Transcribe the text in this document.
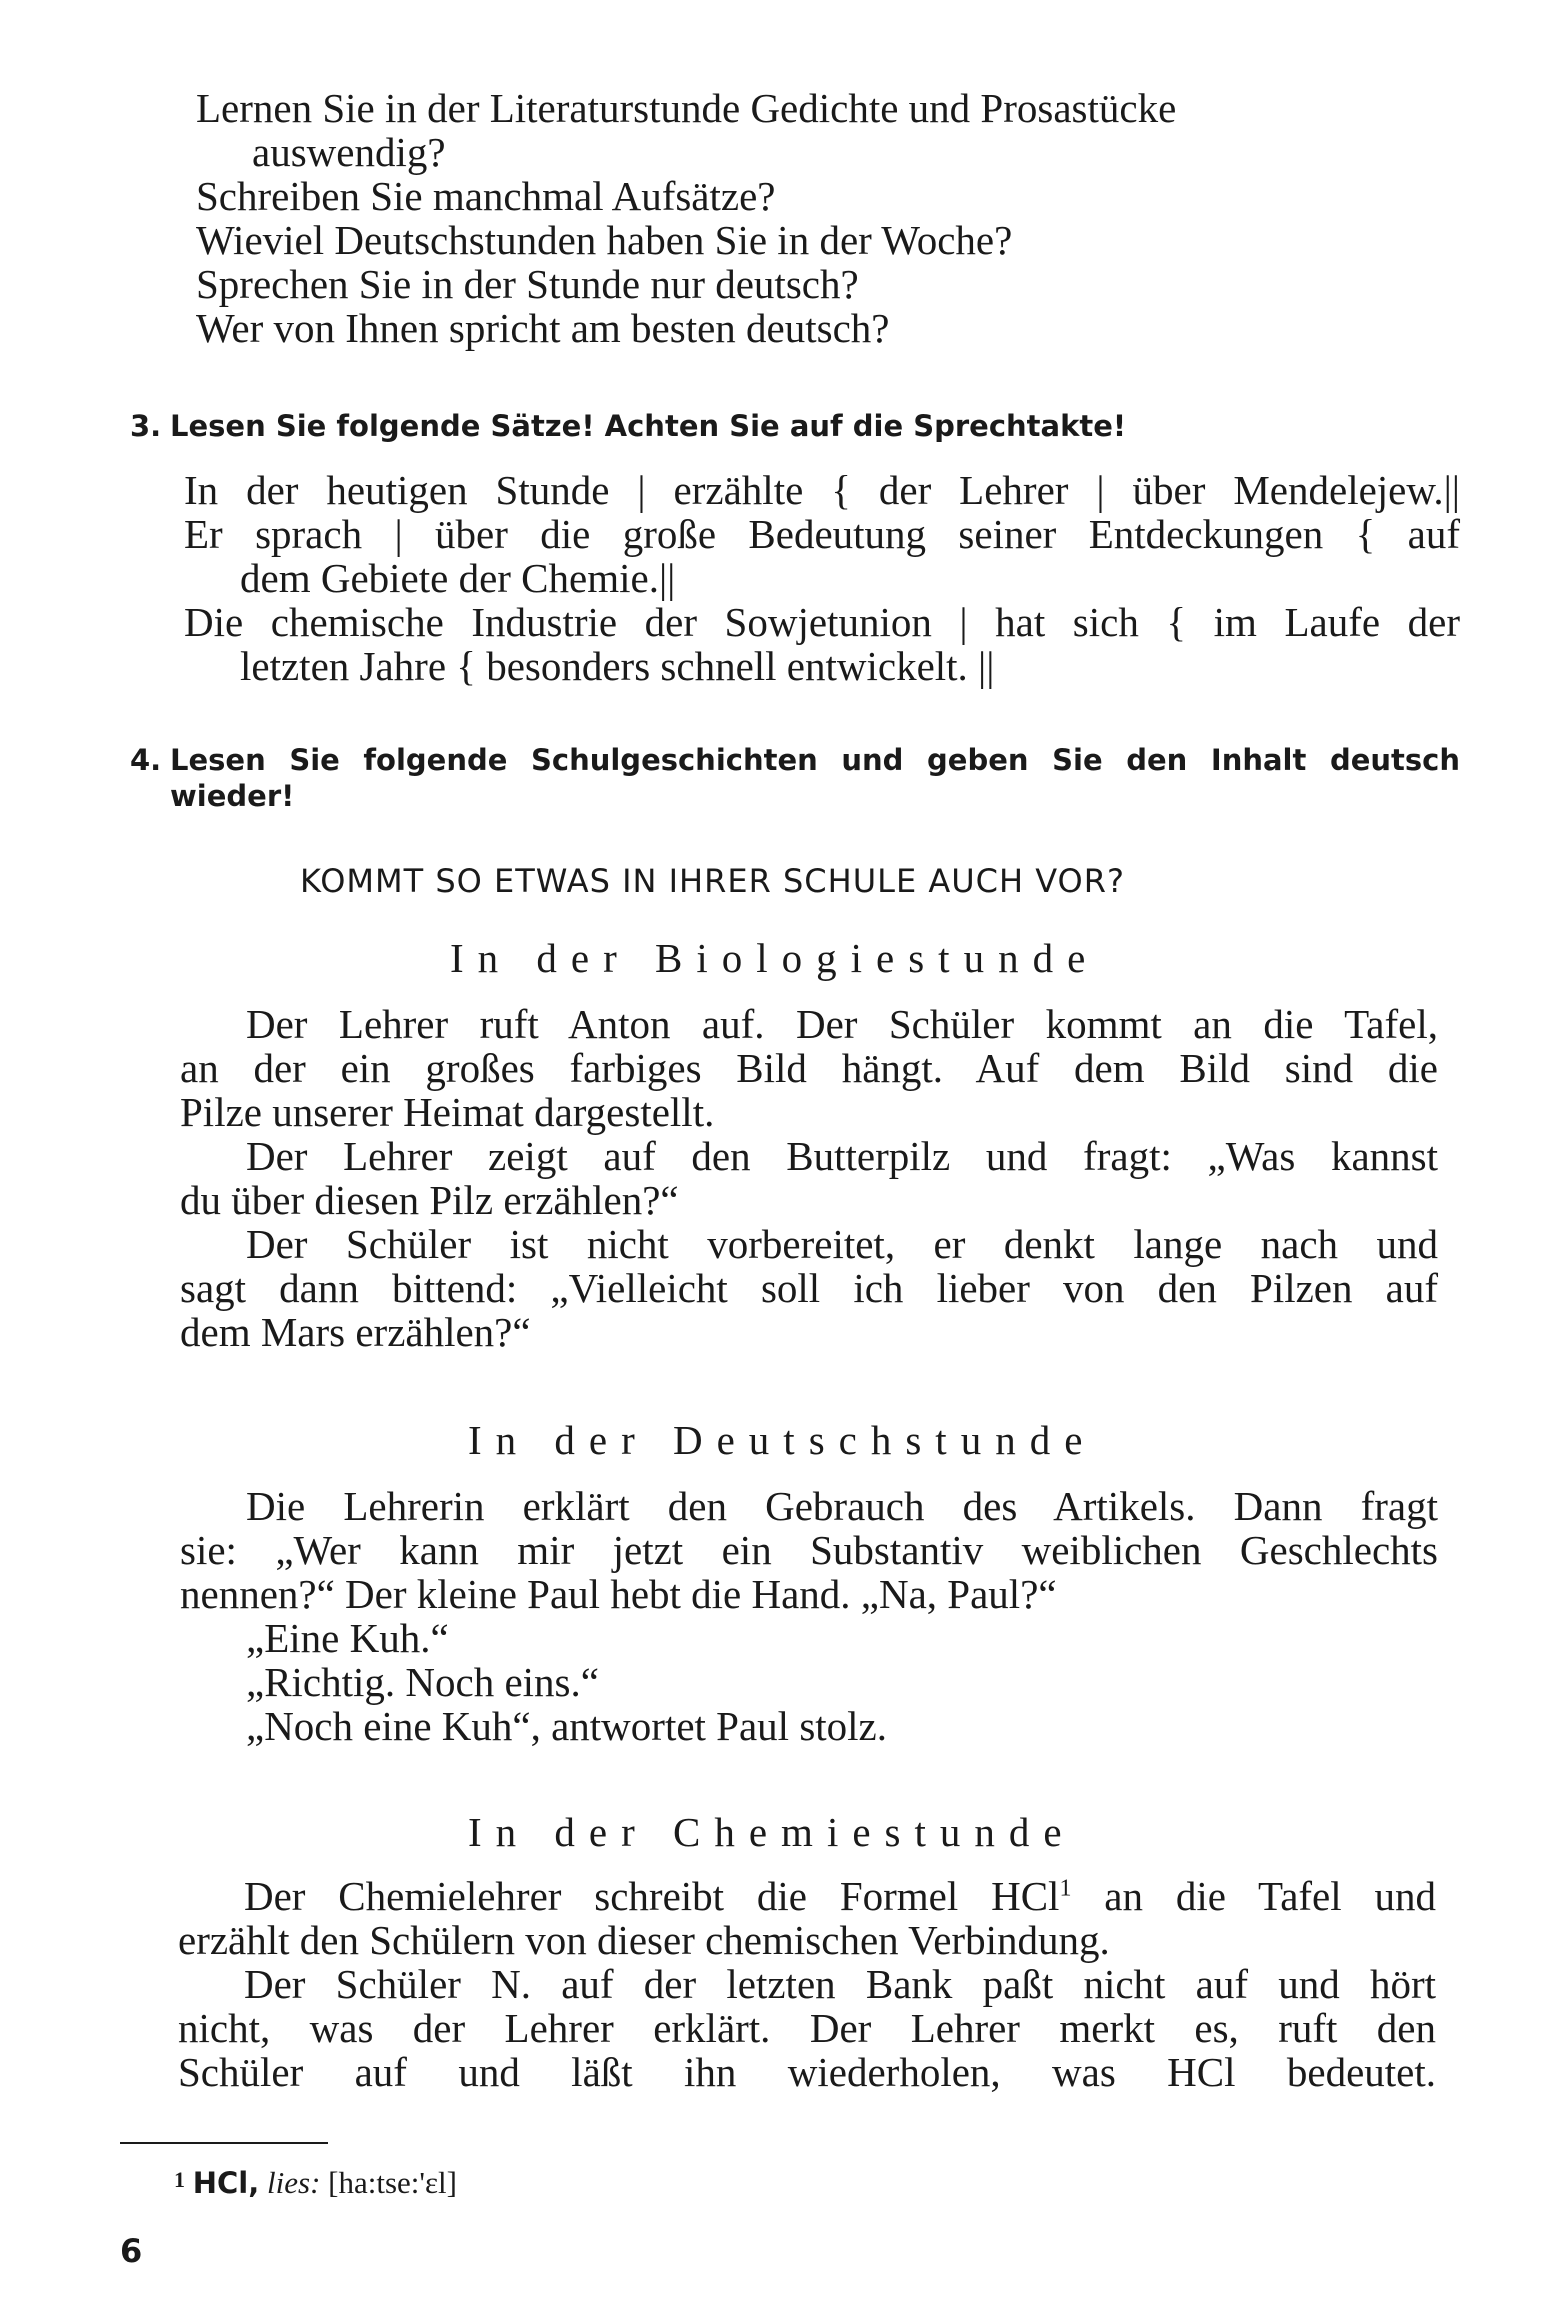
Lernen Sie in der Literaturstunde Gedichte und Prosastücke
auswendig?
Schreiben Sie manchmal Aufsätze?
Wieviel Deutschstunden haben Sie in der Woche?
Sprechen Sie in der Stunde nur deutsch?
Wer von Ihnen spricht am besten deutsch?
3. Lesen Sie folgende Sätze! Achten Sie auf die Sprechtakte!
In der heutigen Stunde | erzählte { der Lehrer | über Mendelejew.||
Er sprach | über die große Bedeutung seiner Entdeckungen { auf
dem Gebiete der Chemie.||
Die chemische Industrie der Sowjetunion | hat sich { im Laufe der
letzten Jahre { besonders schnell entwickelt. ||
4. Lesen Sie folgende Schulgeschichten und geben Sie den Inhalt deutsch
wieder!
KOMMT SO ETWAS IN IHRER SCHULE AUCH VOR?
In der Biologiestunde
Der Lehrer ruft Anton auf. Der Schüler kommt an die Tafel,
an der ein großes farbiges Bild hängt. Auf dem Bild sind die
Pilze unserer Heimat dargestellt.
Der Lehrer zeigt auf den Butterpilz und fragt: „Was kannst
du über diesen Pilz erzählen?“
Der Schüler ist nicht vorbereitet, er denkt lange nach und
sagt dann bittend: „Vielleicht soll ich lieber von den Pilzen auf
dem Mars erzählen?“
In der Deutschstunde
Die Lehrerin erklärt den Gebrauch des Artikels. Dann fragt
sie: „Wer kann mir jetzt ein Substantiv weiblichen Geschlechts
nennen?“ Der kleine Paul hebt die Hand. „Na, Paul?“
„Eine Kuh.“
„Richtig. Noch eins.“
„Noch eine Kuh“, antwortet Paul stolz.
In der Chemiestunde
Der Chemielehrer schreibt die Formel HCl$^1$ an die Tafel und
erzählt den Schülern von dieser chemischen Verbindung.
Der Schüler N. auf der letzten Bank paßt nicht auf und hört
nicht, was der Lehrer erklärt. Der Lehrer merkt es, ruft den
Schüler auf und läßt ihn wiederholen, was HCl bedeutet.
1 HCl, lies: [ha:tse:'ɛl]
6
